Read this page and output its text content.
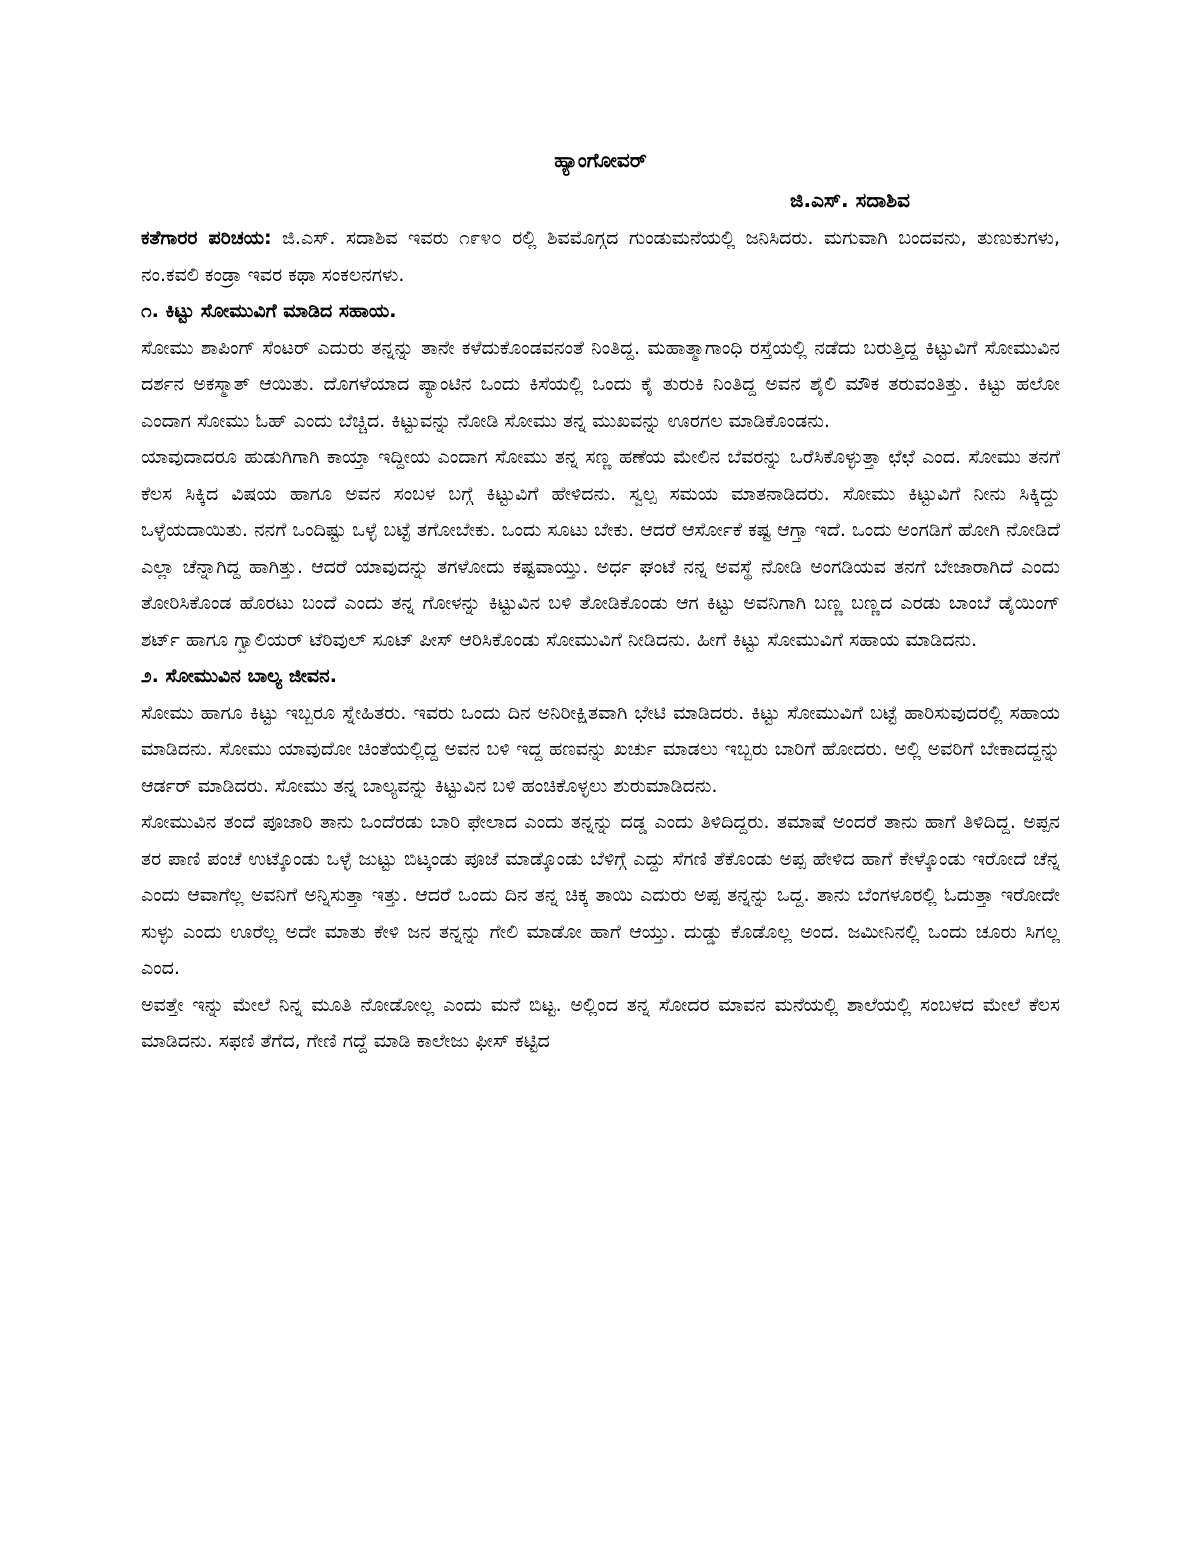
ಹ್ಯಾಂಗೋವರ್

ಜಿ.ಎಸ್. ಸದಾಶಿವ

ಕತೆಗಾರರ ಪರಿಚಯ: ಜಿ.ಎಸ್. ಸದಾಶಿವ ಇವರು ೧೯೪೦ ರಲ್ಲಿ ಶಿವಮೊಗ್ಗದ ಗುಂಡುಮನೆಯಲ್ಲಿ ಜನಿಸಿದರು. ಮಗುವಾಗಿ ಬಂದವನು, ತುಣುಕುಗಳು, ನಂ.ಕವಲಿ ಕಂಡ್ರಾ ಇವರ ಕಥಾ ಸಂಕಲನಗಳು.

೧. ಕಿಟ್ಟು ಸೋಮುವಿಗೆ ಮಾಡಿದ ಸಹಾಯ.

ಸೋಮು ಶಾಪಿಂಗ್ ಸೆಂಟರ್ ಎದುರು ತನ್ನನ್ನು ತಾನೇ ಕಳೆದುಕೊಂಡವನಂತೆ ನಿಂತಿದ್ದ. ಮಹಾತ್ಮಾಗಾಂಧಿ ರಸ್ತೆಯಲ್ಲಿ ನಡೆದು ಬರುತ್ತಿದ್ದ ಕಿಟ್ಟುವಿಗೆ ಸೋಮುವಿನ ದರ್ಶನ ಅಕಸ್ಮಾತ್ ಆಯಿತು. ದೊಗಳೆಯಾದ ಪ್ಯಾಂಟಿನ ಒಂದು ಕಿಸೆಯಲ್ಲಿ ಒಂದು ಕೈ ತುರುಕಿ ನಿಂತಿದ್ದ ಅವನ ಶೈಲಿ ಮೌಕ ತರುವಂತಿತ್ತು. ಕಿಟ್ಟು ಹಲೋ ಎಂದಾಗ ಸೋಮು ಓಹ್ ಎಂದು ಬೆಚ್ಚಿದ. ಕಿಟ್ಟುವನ್ನು ನೋಡಿ ಸೋಮು ತನ್ನ ಮುಖವನ್ನು ಊರಗಲ ಮಾಡಿಕೊಂಡನು.

ಯಾವುದಾದರೂ ಹುಡುಗಿಗಾಗಿ ಕಾಯ್ತಾ ಇದ್ದೀಯ ಎಂದಾಗ ಸೋಮು ತನ್ನ ಸಣ್ಣ ಹಣೆಯ ಮೇಲಿನ ಬೆವರನ್ನು ಒರೆಸಿಕೊಳ್ಳುತ್ತಾ ಛೆಛೆ ಎಂದ. ಸೋಮು ತನಗೆ ಕೆಲಸ ಸಿಕ್ಕಿದ ವಿಷಯ ಹಾಗೂ ಅವನ ಸಂಬಳ ಬಗ್ಗೆ ಕಿಟ್ಟುವಿಗೆ ಹೇಳಿದನು. ಸ್ವಲ್ಪ ಸಮಯ ಮಾತನಾಡಿದರು. ಸೋಮು ಕಿಟ್ಟುವಿಗೆ ನೀನು ಸಿಕ್ಕಿದ್ದು ಒಳ್ಳೆಯದಾಯಿತು. ನನಗೆ ಒಂದಿಷ್ಟು ಒಳ್ಳೆ ಬಟ್ಟೆ ತಗೋಬೇಕು. ಒಂದು ಸೂಟು ಬೇಕು. ಆದರೆ ಆರ್ಸೋಕೆ ಕಷ್ಟ ಆಗ್ತಾ ಇದೆ. ಒಂದು ಅಂಗಡಿಗೆ ಹೋಗಿ ನೋಡಿದೆ ಎಲ್ಲಾ ಚೆನ್ನಾಗಿದ್ದ ಹಾಗಿತ್ತು. ಆದರೆ ಯಾವುದನ್ನು ತಗಳೋದು ಕಷ್ಟವಾಯ್ತು. ಅರ್ಧ ಘಂಟೆ ನನ್ನ ಅವಸ್ಥೆ ನೋಡಿ ಅಂಗಡಿಯವ ತನಗೆ ಬೇಜಾರಾಗಿದೆ ಎಂದು ತೋರಿಸಿಕೊಂಡ ಹೊರಟು ಬಂದೆ ಎಂದು ತನ್ನ ಗೋಳನ್ನು ಕಿಟ್ಟುವಿನ ಬಳಿ ತೋಡಿಕೊಂಡು ಆಗ ಕಿಟ್ಟು ಅವನಿಗಾಗಿ ಬಣ್ಣ ಬಣ್ಣದ ಎರಡು ಬಾಂಬೆ ಡೈಯಿಂಗ್ ಶರ್ಟ್ ಹಾಗೂ ಗ್ವಾಲಿಯರ್ ಟೆರಿವುಲ್ ಸೂಟ್ ಪೀಸ್ ಆರಿಸಿಕೊಂಡು ಸೋಮುವಿಗೆ ನೀಡಿದನು. ಹೀಗೆ ಕಿಟ್ಟು ಸೋಮುವಿಗೆ ಸಹಾಯ ಮಾಡಿದನು.

೨. ಸೋಮುವಿನ ಬಾಲ್ಯ ಜೀವನ.

ಸೋಮು ಹಾಗೂ ಕಿಟ್ಟು ಇಬ್ಬರೂ ಸ್ನೇಹಿತರು. ಇವರು ಒಂದು ದಿನ ಅನಿರೀಕ್ಷಿತವಾಗಿ ಭೇಟಿ ಮಾಡಿದರು. ಕಿಟ್ಟು ಸೋಮುವಿಗೆ ಬಟ್ಟೆ ಹಾರಿಸುವುದರಲ್ಲಿ ಸಹಾಯ ಮಾಡಿದನು. ಸೋಮು ಯಾವುದೋ ಚಿಂತೆಯಲ್ಲಿದ್ದ ಅವನ ಬಳಿ ಇದ್ದ ಹಣವನ್ನು ಖರ್ಚು ಮಾಡಲು ಇಬ್ಬರು ಬಾರಿಗೆ ಹೋದರು. ಅಲ್ಲಿ ಅವರಿಗೆ ಬೇಕಾದದ್ದನ್ನು ಆರ್ಡರ್ ಮಾಡಿದರು. ಸೋಮು ತನ್ನ ಬಾಲ್ಯವನ್ನು ಕಿಟ್ಟುವಿನ ಬಳಿ ಹಂಚಿಕೊಳ್ಳಲು ಶುರುಮಾಡಿದನು.

ಸೋಮುವಿನ ತಂದೆ ಪೂಜಾರಿ ತಾನು ಒಂದೆರಡು ಬಾರಿ ಫೇಲಾದ ಎಂದು ತನ್ನನ್ನು ದಡ್ಡ ಎಂದು ತಿಳಿದಿದ್ದರು. ತಮಾಷೆ ಅಂದರೆ ತಾನು ಹಾಗೆ ತಿಳಿದಿದ್ದ. ಅಪ್ಪನ ತರ ಪಾಣಿ ಪಂಚೆ ಉಟ್ಕೊಂಡು ಒಳ್ಳೆ ಜುಟ್ಟು ಬಿಟ್ಕಂಡು ಪೂಜೆ ಮಾಡ್ಕೊಂಡು ಬೆಳಿಗ್ಗೆ ಎದ್ದು ಸೆಗಣಿ ತೆಕೊಂಡು ಅಪ್ಪ ಹೇಳಿದ ಹಾಗೆ ಕೇಳ್ಕೊಂಡು ಇರೋದೆ ಚೆನ್ನ ಎಂದು ಆವಾಗೆಲ್ಲ ಅವನಿಗೆ ಅನ್ನಿಸುತ್ತಾ ಇತ್ತು. ಆದರೆ ಒಂದು ದಿನ ತನ್ನ ಚಿಕ್ಕ ತಾಯಿ ಎದುರು ಅಪ್ಪ ತನ್ನನ್ನು ಒದ್ದ. ತಾನು ಬೆಂಗಳೂರಲ್ಲಿ ಓದುತ್ತಾ ಇರೋದೇ ಸುಳ್ಳು ಎಂದು ಊರೆಲ್ಲ ಅದೇ ಮಾತು ಕೇಳಿ ಜನ ತನ್ನನ್ನು ಗೇಲಿ ಮಾಡೋ ಹಾಗೆ ಆಯ್ತು. ದುಡ್ಡು ಕೊಡೊಲ್ಲ ಅಂದ. ಜಮೀನಿನಲ್ಲಿ ಒಂದು ಚೂರು ಸಿಗಲ್ಲ ಎಂದ.

ಅವತ್ತೇ ಇನ್ನು ಮೇಲೆ ನಿನ್ನ ಮೂತಿ ನೋಡೋಲ್ಲ ಎಂದು ಮನೆ ಬಿಟ್ಟ. ಅಲ್ಲಿಂದ ತನ್ನ ಸೋದರ ಮಾವನ ಮನೆಯಲ್ಲಿ ಶಾಲೆಯಲ್ಲಿ ಸಂಬಳದ ಮೇಲೆ ಕೆಲಸ ಮಾಡಿದನು. ಸಫಣಿ ತೆಗೆದ, ಗೇಣಿ ಗದ್ದೆ ಮಾಡಿ ಕಾಲೇಜು ಫೀಸ್ ಕಟ್ಟಿದ
